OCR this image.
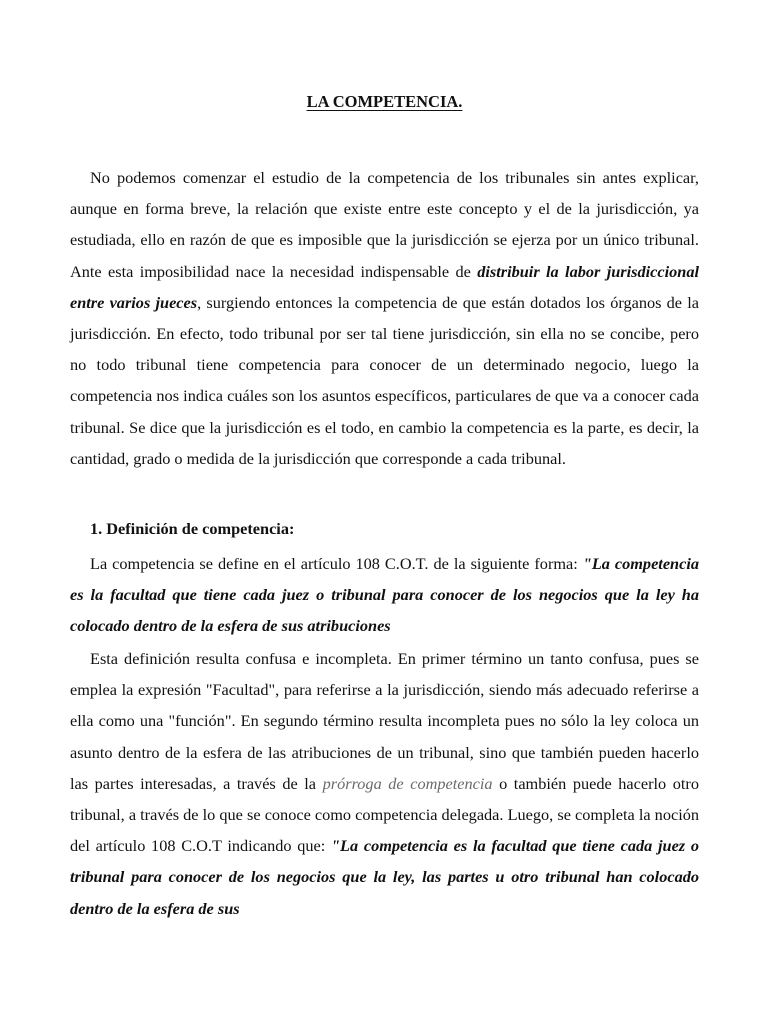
LA COMPETENCIA.

No podemos comenzar el estudio de la competencia de los tribunales sin antes explicar, aunque en forma breve, la relación que existe entre este concepto y el de la jurisdicción, ya estudiada, ello en razón de que es imposible que la jurisdicción se ejerza por un único tribunal. Ante esta imposibilidad nace la necesidad indispensable de distribuir la labor jurisdiccional entre varios jueces, surgiendo entonces la competencia de que están dotados los órganos de la jurisdicción. En efecto, todo tribunal por ser tal tiene jurisdicción, sin ella no se concibe, pero no todo tribunal tiene competencia para conocer de un determinado negocio, luego la competencia nos indica cuáles son los asuntos específicos, particulares de que va a conocer cada tribunal. Se dice que la jurisdicción es el todo, en cambio la competencia es la parte, es decir, la cantidad, grado o medida de la jurisdicción que corresponde a cada tribunal.

1. Definición de competencia:

La competencia se define en el artículo 108 C.O.T. de la siguiente forma: "La competencia es la facultad que tiene cada juez o tribunal para conocer de los negocios que la ley ha colocado dentro de la esfera de sus atribuciones

Esta definición resulta confusa e incompleta. En primer término un tanto confusa, pues se emplea la expresión "Facultad", para referirse a la jurisdicción, siendo más adecuado referirse a ella como una "función". En segundo término resulta incompleta pues no sólo la ley coloca un asunto dentro de la esfera de las atribuciones de un tribunal, sino que también pueden hacerlo las partes interesadas, a través de la prórroga de competencia o también puede hacerlo otro tribunal, a través de lo que se conoce como competencia delegada. Luego, se completa la noción del artículo 108 C.O.T indicando que: "La competencia es la facultad que tiene cada juez o tribunal para conocer de los negocios que la ley, las partes u otro tribunal han colocado dentro de la esfera de sus
